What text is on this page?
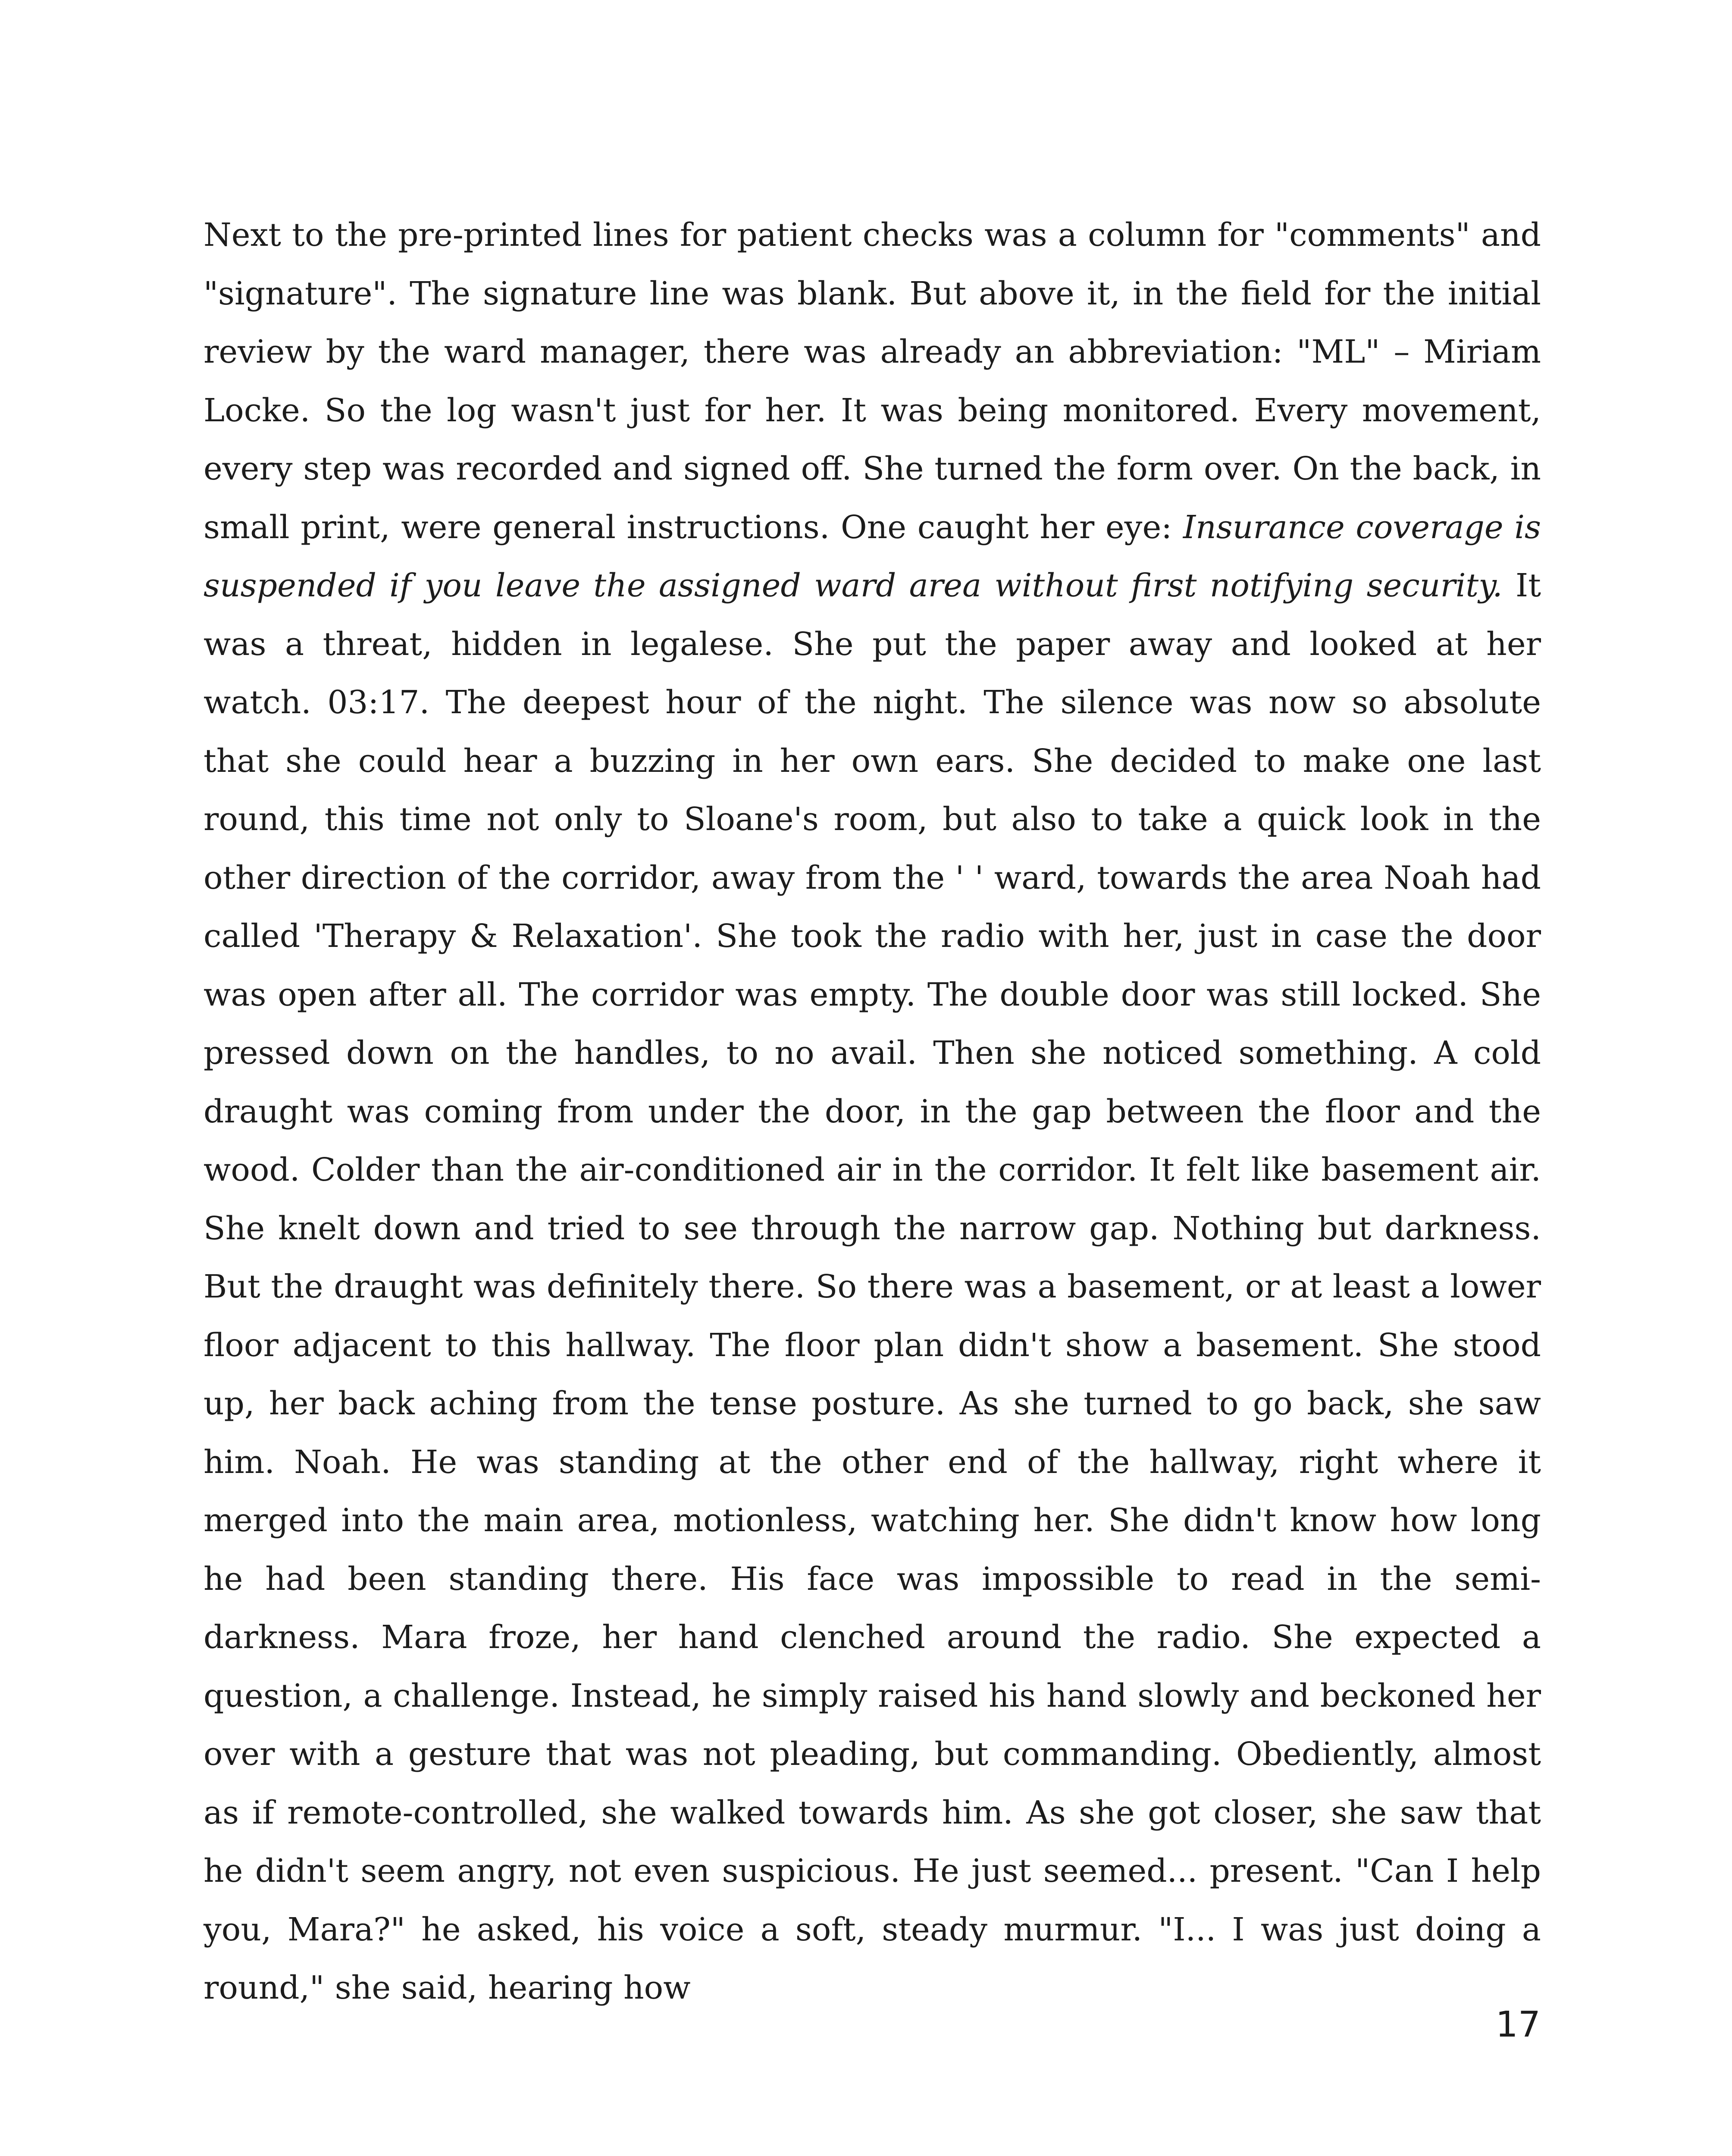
Next to the pre-printed lines for patient checks was a column for "comments" and "signature". The signature line was blank. But above it, in the field for the initial review by the ward manager, there was already an abbreviation: "ML" – Miriam Locke. So the log wasn't just for her. It was being monitored. Every movement, every step was recorded and signed off. She turned the form over. On the back, in small print, were general instructions. One caught her eye: Insurance coverage is suspended if you leave the assigned ward area without first notifying security. It was a threat, hidden in legalese. She put the paper away and looked at her watch. 03:17. The deepest hour of the night. The silence was now so absolute that she could hear a buzzing in her own ears. She decided to make one last round, this time not only to Sloane's room, but also to take a quick look in the other direction of the corridor, away from the ' ' ward, towards the area Noah had called 'Therapy & Relaxation'. She took the radio with her, just in case the door was open after all. The corridor was empty. The double door was still locked. She pressed down on the handles, to no avail. Then she noticed something. A cold draught was coming from under the door, in the gap between the floor and the wood. Colder than the air-conditioned air in the corridor. It felt like basement air. She knelt down and tried to see through the narrow gap. Nothing but darkness. But the draught was definitely there. So there was a basement, or at least a lower floor adjacent to this hallway. The floor plan didn't show a basement. She stood up, her back aching from the tense posture. As she turned to go back, she saw him. Noah. He was standing at the other end of the hallway, right where it merged into the main area, motionless, watching her. She didn't know how long he had been standing there. His face was impossible to read in the semi-darkness. Mara froze, her hand clenched around the radio. She expected a question, a challenge. Instead, he simply raised his hand slowly and beckoned her over with a gesture that was not pleading, but commanding. Obediently, almost as if remote-controlled, she walked towards him. As she got closer, she saw that he didn't seem angry, not even suspicious. He just seemed... present. "Can I help you, Mara?" he asked, his voice a soft, steady murmur. "I... I was just doing a round," she said, hearing how

17
